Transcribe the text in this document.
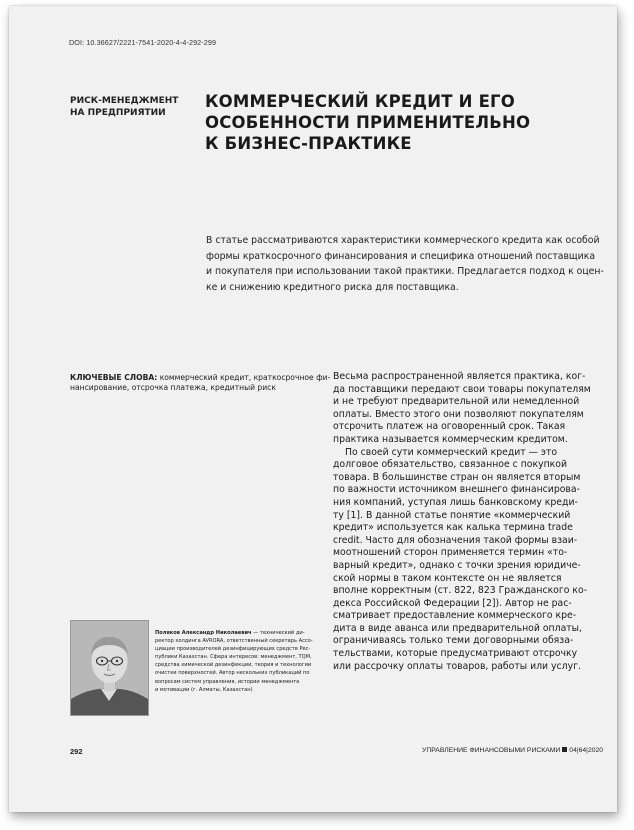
DOI: 10.36627/2221-7541-2020-4-4-292-299
РИСК-МЕНЕДЖМЕНТ
НА ПРЕДПРИЯТИИ
КОММЕРЧЕСКИЙ КРЕДИТ И ЕГО
ОСОБЕННОСТИ ПРИМЕНИТЕЛЬНО
К БИЗНЕС-ПРАКТИКЕ
В статье рассматриваются характеристики коммерческого кредита как особой
формы краткосрочного финансирования и специфика отношений поставщика
и покупателя при использовании такой практики. Предлагается подход к оцен-
ке и снижению кредитного риска для поставщика.
КЛЮЧЕВЫЕ СЛОВА: коммерческий кредит, краткосрочное фи-
нансирование, отсрочка платежа, кредитный риск
Весьма распространенной является практика, ког-
да поставщики передают свои товары покупателям
и не требуют предварительной или немедленной
оплаты. Вместо этого они позволяют покупателям
отсрочить платеж на оговоренный срок. Такая
практика называется коммерческим кредитом.
По своей сути коммерческий кредит — это
долговое обязательство, связанное с покупкой
товара. В большинстве стран он является вторым
по важности источником внешнего финансирова-
ния компаний, уступая лишь банковскому креди-
ту [1]. В данной статье понятие «коммерческий
кредит» используется как калька термина trade
credit. Часто для обозначения такой формы взаи-
моотношений сторон применяется термин «то-
варный кредит», однако с точки зрения юридиче-
ской нормы в таком контексте он не является
вполне корректным (ст. 822, 823 Гражданского ко-
декса Российской Федерации [2]). Автор не рас-
сматривает предоставление коммерческого кре-
дита в виде аванса или предварительной оплаты,
ограничиваясь только теми договорными обяза-
тельствами, которые предусматривают отсрочку
или рассрочку оплаты товаров, работы или услуг.
Поляков Александр Николаевич — технический ди-
ректор холдинга AVRORA, ответственный секретарь Ассо-
циации производителей дезинфицирующих средств Рес-
публики Казахстан. Сфера интересов: менеджмент, TQM,
средства химической дезинфекции, теория и технологии
очистки поверхностей. Автор нескольких публикаций по
вопросам систем управления, истории менеджмента
и мотивации (г. Алматы, Казахстан)
292	УПРАВЛЕНИЕ ФИНАНСОВЫМИ РИСКАМИ 04|64|2020
